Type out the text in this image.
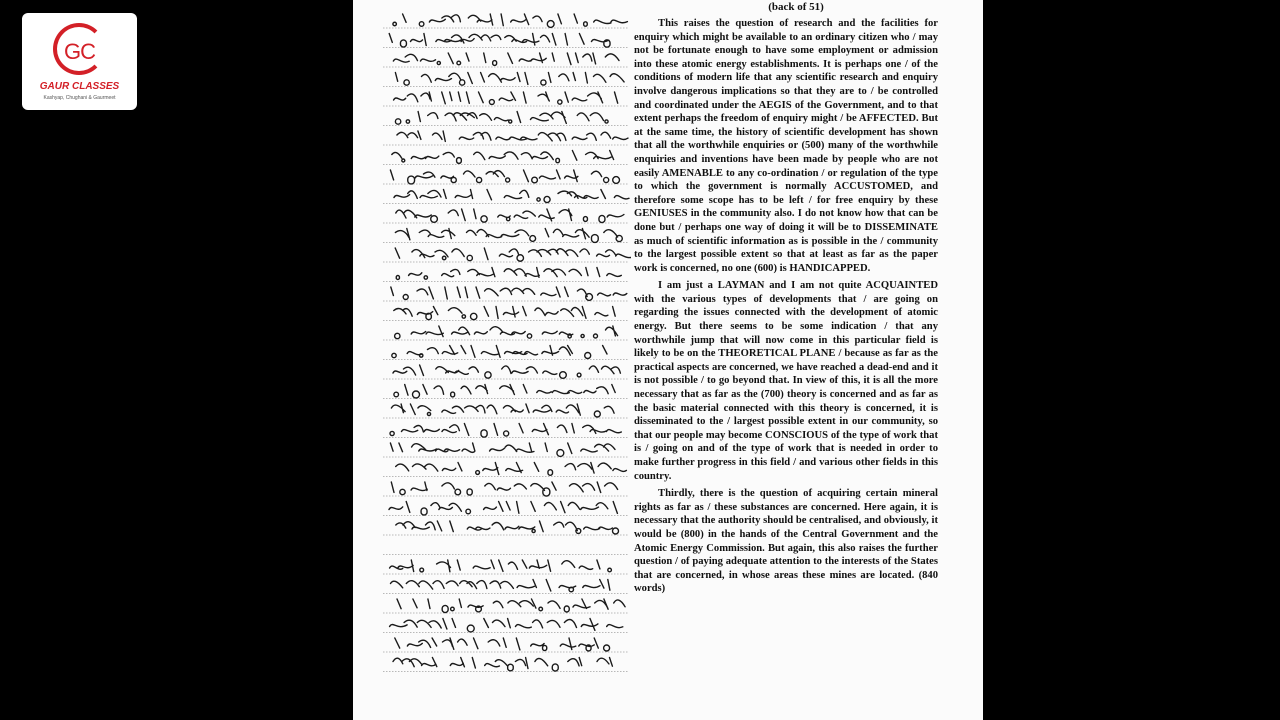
GC
GAUR CLASSES
Kashyap, Chughani & Gaurmeet
(back of 51)

This raises the question of research and the facilities for enquiry which might be available to an ordinary citizen who / may not be fortunate enough to have some employment or admission into these atomic energy establishments. It is perhaps one / of the conditions of modern life that any scientific research and enquiry involve dangerous implications so that they are to / be controlled and coordinated under the AEGIS of the Government, and to that extent perhaps the freedom of enquiry might / be AFFECTED. But at the same time, the history of scientific development has shown that all the worthwhile enquiries or (500) many of the worthwhile enquiries and inventions have been made by people who are not easily AMENABLE to any co-ordination / or regulation of the type to which the government is normally ACCUSTOMED, and therefore some scope has to be left / for free enquiry by these GENIUSES in the community also. I do not know how that can be done but / perhaps one way of doing it will be to DISSEMINATE as much of scientific information as is possible in the / community to the largest possible extent so that at least as far as the paper work is concerned, no one (600) is HANDICAPPED.

I am just a LAYMAN and I am not quite ACQUAINTED with the various types of developments that / are going on regarding the issues connected with the development of atomic energy. But there seems to be some indication / that any worthwhile jump that will now come in this particular field is likely to be on the THEORETICAL PLANE / because as far as the practical aspects are concerned, we have reached a dead-end and it is not possible / to go beyond that. In view of this, it is all the more necessary that as far as the (700) theory is concerned and as far as the basic material connected with this theory is concerned, it is disseminated to the / largest possible extent in our community, so that our people may become CONSCIOUS of the type of work that is / going on and of the type of work that is needed in order to make further progress in this field / and various other fields in this country.

Thirdly, there is the question of acquiring certain mineral rights as far as / these substances are concerned. Here again, it is necessary that the authority should be centralised, and obviously, it would be (800) in the hands of the Central Government and the Atomic Energy Commission. But again, this also raises the further question / of paying adequate attention to the interests of the States that are concerned, in whose areas these mines are located. (840 words)
